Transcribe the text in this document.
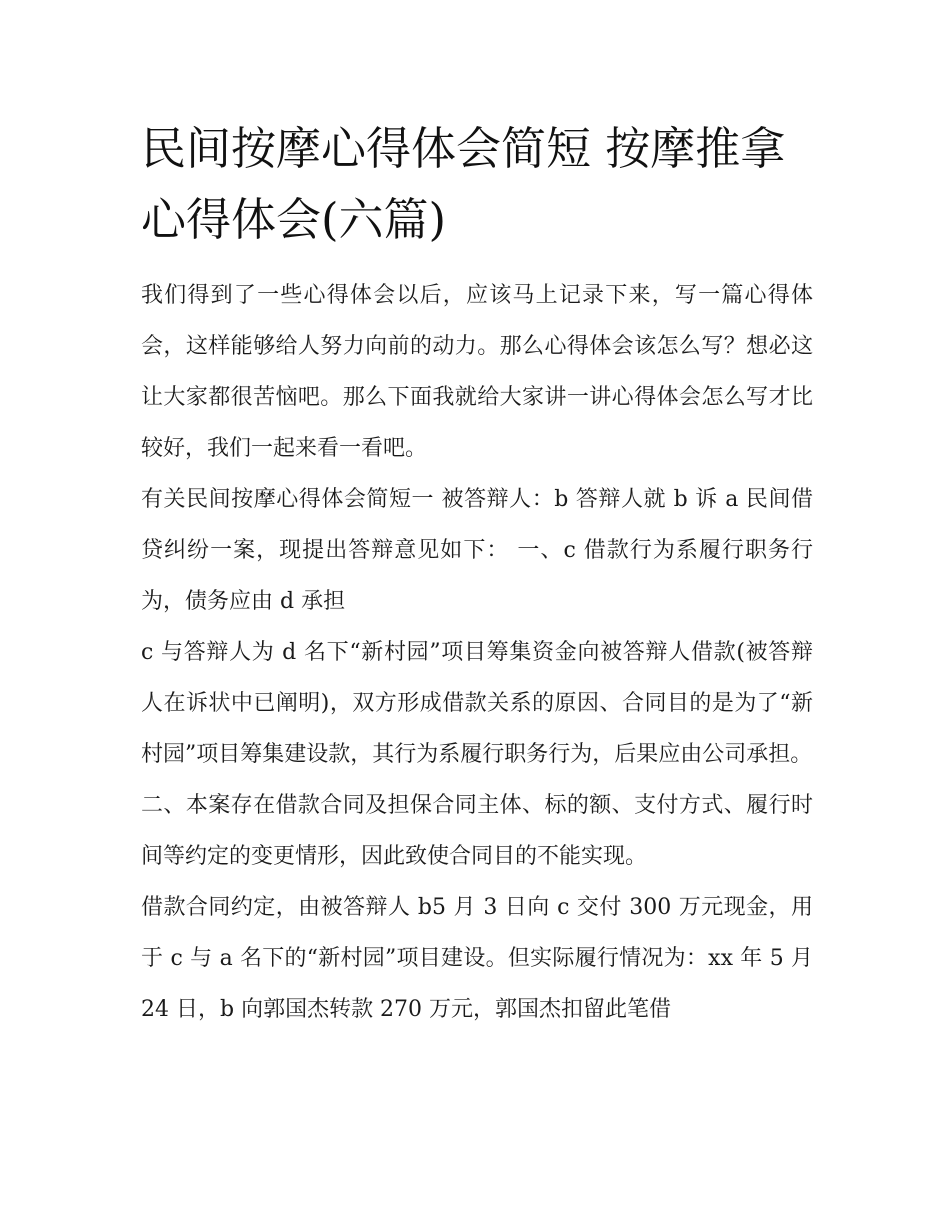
民间按摩心得体会简短 按摩推拿心得体会(六篇)

我们得到了一些心得体会以后，应该马上记录下来，写一篇心得体会，这样能够给人努力向前的动力。那么心得体会该怎么写？想必这让大家都很苦恼吧。那么下面我就给大家讲一讲心得体会怎么写才比较好，我们一起来看一看吧。

有关民间按摩心得体会简短一 被答辩人：b 答辩人就 b 诉 a 民间借贷纠纷一案，现提出答辩意见如下： 一、c 借款行为系履行职务行为，债务应由 d 承担

c 与答辩人为 d 名下“新村园”项目筹集资金向被答辩人借款(被答辩人在诉状中已阐明)，双方形成借款关系的原因、合同目的是为了“新村园”项目筹集建设款，其行为系履行职务行为，后果应由公司承担。

二、本案存在借款合同及担保合同主体、标的额、支付方式、履行时间等约定的变更情形，因此致使合同目的不能实现。

借款合同约定，由被答辩人 b5 月 3 日向 c 交付 300 万元现金，用于 c 与 a 名下的“新村园”项目建设。但实际履行情况为：xx 年 5 月 24 日，b 向郭国杰转款 270 万元，郭国杰扣留此笔借
